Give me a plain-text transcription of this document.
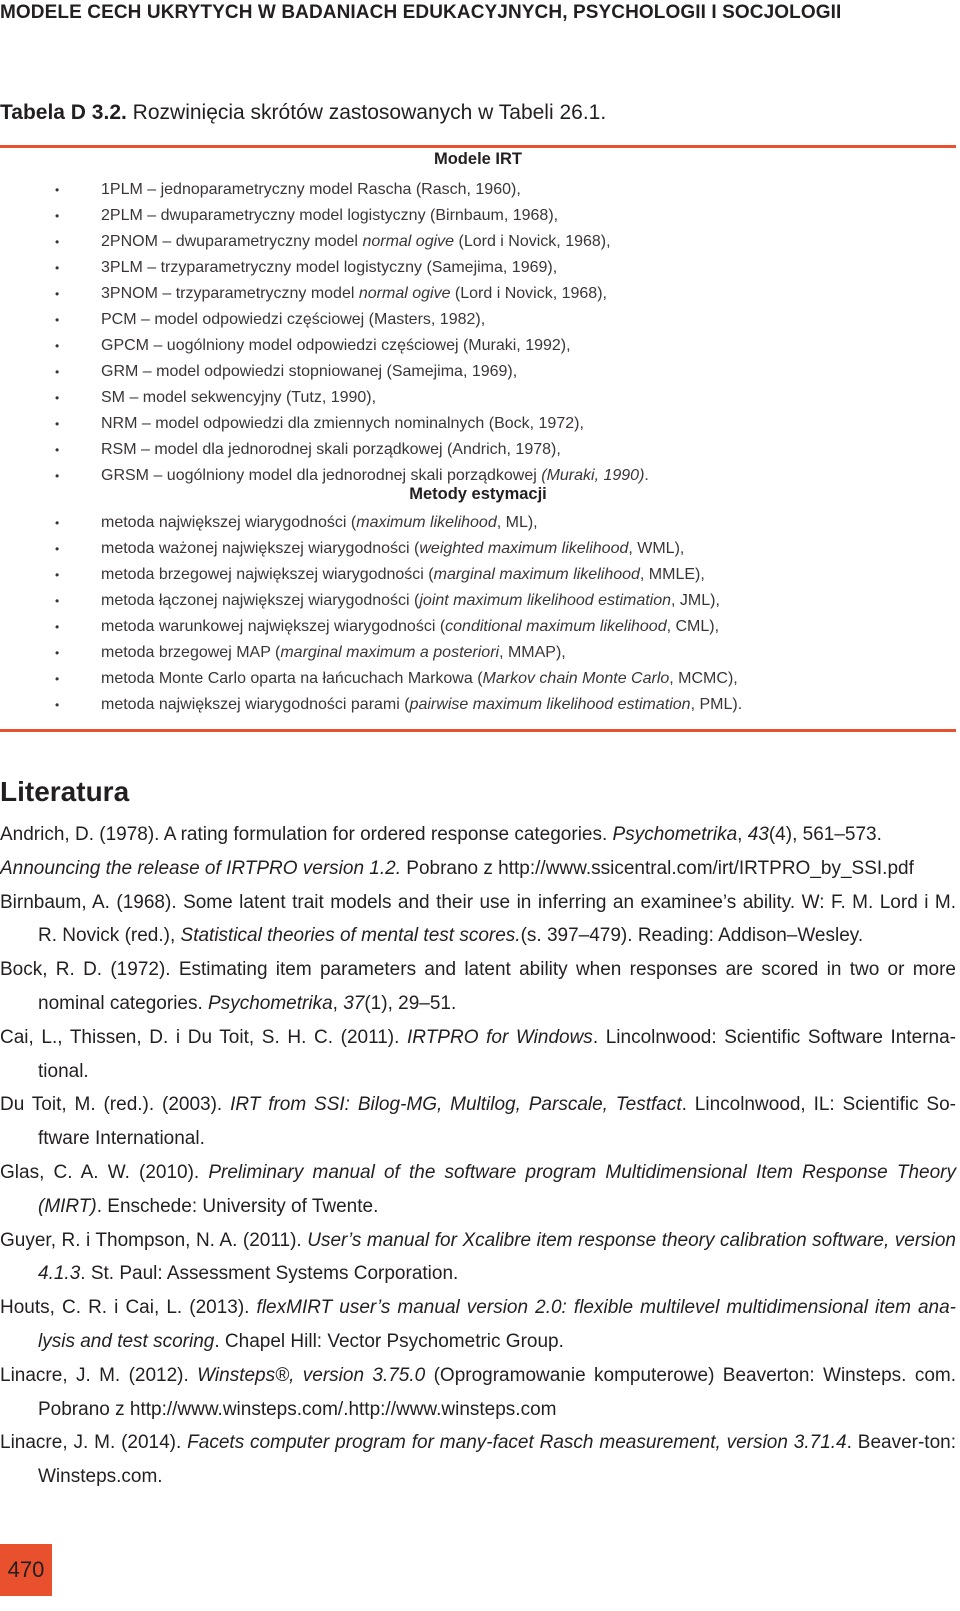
MODELE CECH UKRYTYCH W BADANIACH EDUKACYJNYCH, PSYCHOLOGII I SOCJOLOGII
Tabela D 3.2. Rozwinięcia skrótów zastosowanych w Tabeli 26.1.
Modele IRT
•	1PLM – jednoparametryczny model Rascha (Rasch, 1960),
•	2PLM – dwuparametryczny model logistyczny (Birnbaum, 1968),
•	2PNOM – dwuparametryczny model normal ogive (Lord i Novick, 1968),
•	3PLM – trzyparametryczny model logistyczny (Samejima, 1969),
•	3PNOM – trzyparametryczny model normal ogive (Lord i Novick, 1968),
•	PCM – model odpowiedzi częściowej (Masters, 1982),
•	GPCM – uogólniony model odpowiedzi częściowej (Muraki, 1992),
•	GRM – model odpowiedzi stopniowanej (Samejima, 1969),
•	SM – model sekwencyjny (Tutz, 1990),
•	NRM – model odpowiedzi dla zmiennych nominalnych (Bock, 1972),
•	RSM – model dla jednorodnej skali porządkowej (Andrich, 1978),
•	GRSM – uogólniony model dla jednorodnej skali porządkowej (Muraki, 1990).
Metody estymacji
•	metoda największej wiarygodności (maximum likelihood, ML),
•	metoda ważonej największej wiarygodności (weighted maximum likelihood, WML),
•	metoda brzegowej największej wiarygodności (marginal maximum likelihood, MMLE),
•	metoda łączonej największej wiarygodności (joint maximum likelihood estimation, JML),
•	metoda warunkowej największej wiarygodności (conditional maximum likelihood, CML),
•	metoda brzegowej MAP (marginal maximum a posteriori, MMAP),
•	metoda Monte Carlo oparta na łańcuchach Markowa (Markov chain Monte Carlo, MCMC),
•	metoda największej wiarygodności parami (pairwise maximum likelihood estimation, PML).
Literatura
Andrich, D. (1978). A rating formulation for ordered response categories. Psychometrika, 43(4), 561–573.
Announcing the release of IRTPRO version 1.2. Pobrano z http://www.ssicentral.com/irt/IRTPRO_by_SSI.pdf
Birnbaum, A. (1968). Some latent trait models and their use in inferring an examinee’s ability. W: F. M. Lord i M. R. Novick (red.), Statistical theories of mental test scores.(s. 397–479). Reading: Addison–Wesley.
Bock, R. D. (1972). Estimating item parameters and latent ability when responses are scored in two or more nominal categories. Psychometrika, 37(1), 29–51.
Cai, L., Thissen, D. i Du Toit, S. H. C. (2011). IRTPRO for Windows. Lincolnwood: Scientific Software Interna-tional.
Du Toit, M. (red.). (2003). IRT from SSI: Bilog-MG, Multilog, Parscale, Testfact. Lincolnwood, IL: Scientific So-ftware International.
Glas, C. A. W. (2010). Preliminary manual of the software program Multidimensional Item Response Theory (MIRT). Enschede: University of Twente.
Guyer, R. i Thompson, N. A. (2011). User’s manual for Xcalibre item response theory calibration software, version 4.1.3. St. Paul: Assessment Systems Corporation.
Houts, C. R. i Cai, L. (2013). flexMIRT user’s manual version 2.0: flexible multilevel multidimensional item ana-lysis and test scoring. Chapel Hill: Vector Psychometric Group.
Linacre, J. M. (2012). Winsteps®, version 3.75.0 (Oprogramowanie komputerowe) Beaverton: Winsteps. com. Pobrano z http://www.winsteps.com/.http://www.winsteps.com
Linacre, J. M. (2014). Facets computer program for many-facet Rasch measurement, version 3.71.4. Beaver-ton: Winsteps.com.
470
